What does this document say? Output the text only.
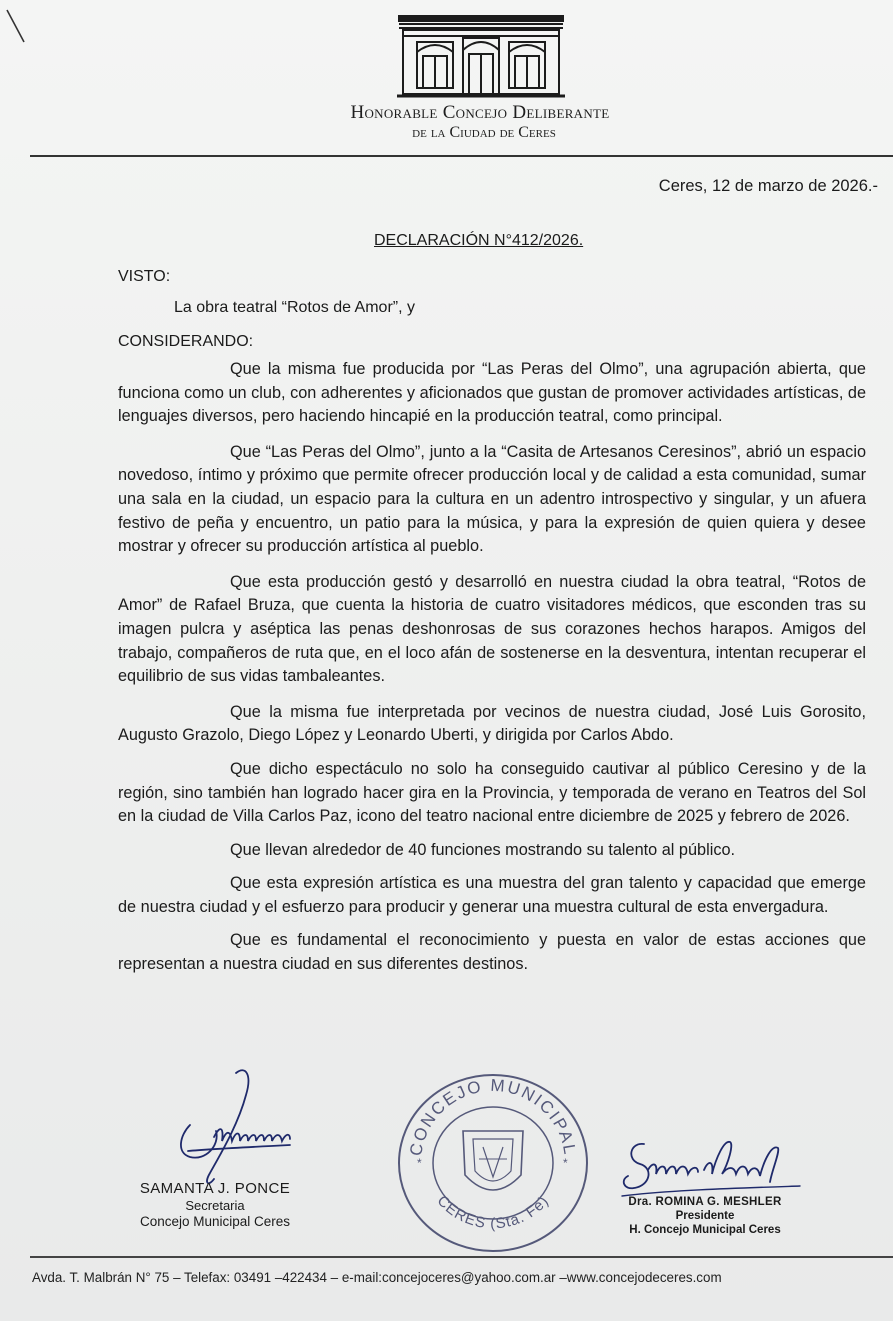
Honorable Concejo Deliberante
de la Ciudad de Ceres
Ceres, 12 de marzo de 2026.-
DECLARACIÓN N°412/2026.
VISTO:
La obra teatral “Rotos de Amor”, y
CONSIDERANDO:

Que la misma fue producida por “Las Peras del Olmo”, una agrupación abierta, que funciona como un club, con adherentes y aficionados que gustan de promover actividades artísticas, de lenguajes diversos, pero haciendo hincapié en la producción teatral, como principal.

Que “Las Peras del Olmo”, junto a la “Casita de Artesanos Ceresinos”, abrió un espacio novedoso, íntimo y próximo que permite ofrecer producción local y de calidad a esta comunidad, sumar una sala en la ciudad, un espacio para la cultura en un adentro introspectivo y singular, y un afuera festivo de peña y encuentro, un patio para la música, y para la expresión de quien quiera y desee mostrar y ofrecer su producción artística al pueblo.

Que esta producción gestó y desarrolló en nuestra ciudad la obra teatral, “Rotos de Amor” de Rafael Bruza, que cuenta la historia de cuatro visitadores médicos, que esconden tras su imagen pulcra y aséptica las penas deshonrosas de sus corazones hechos harapos. Amigos del trabajo, compañeros de ruta que, en el loco afán de sostenerse en la desventura, intentan recuperar el equilibrio de sus vidas tambaleantes.

Que la misma fue interpretada por vecinos de nuestra ciudad, José Luis Gorosito, Augusto Grazolo, Diego López y Leonardo Uberti, y dirigida por Carlos Abdo.

Que dicho espectáculo no solo ha conseguido cautivar al público Ceresino y de la región, sino también han logrado hacer gira en la Provincia, y temporada de verano en Teatros del Sol en la ciudad de Villa Carlos Paz, icono del teatro nacional entre diciembre de 2025 y febrero de 2026.

Que llevan alrededor de 40 funciones mostrando su talento al público.

Que esta expresión artística es una muestra del gran talento y capacidad que emerge de nuestra ciudad y el esfuerzo para producir y generar una muestra cultural de esta envergadura.

Que es fundamental el reconocimiento y puesta en valor de estas acciones que representan a nuestra ciudad en sus diferentes destinos.

SAMANTA J. PONCE
Secretaria
Concejo Municipal Ceres
CONCEJO MUNICIPAL
CERES (Sta. Fe)
*	*
Dra. ROMINA G. MESHLER
Presidente
H. Concejo Municipal Ceres
Avda. T. Malbrán N° 75 – Telefax: 03491 –422434 – e-mail:concejoceres@yahoo.com.ar –www.concejodeceres.com
